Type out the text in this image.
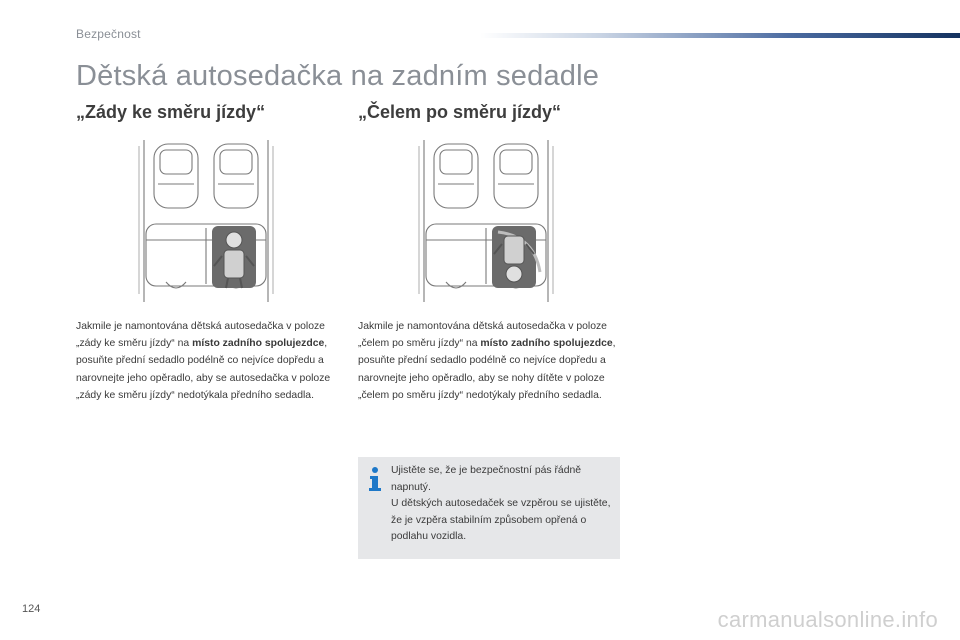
Bezpečnost
Dětská autosedačka na zadním sedadle
„Zády ke směru jízdy“

Jakmile je namontována dětská autosedačka v poloze „zády ke směru jízdy“ na místo zadního spolujezdce, posuňte přední sedadlo podélně co nejvíce dopředu a narovnejte jeho opěradlo, aby se autosedačka v poloze „zády ke směru jízdy“ nedotýkala předního sedadla.

„Čelem po směru jízdy“

Jakmile je namontována dětská autosedačka v poloze „čelem po směru jízdy“ na místo zadního spolujezdce, posuňte přední sedadlo podélně co nejvíce dopředu a narovnejte jeho opěradlo, aby se nohy dítěte v poloze „čelem po směru jízdy“ nedotýkaly předního sedadla.

Ujistěte se, že je bezpečnostní pás řádně napnutý.
U dětských autosedaček se vzpěrou se ujistěte, že je vzpěra stabilním způsobem opřená o podlahu vozidla.
124	carmanualsonline.info
